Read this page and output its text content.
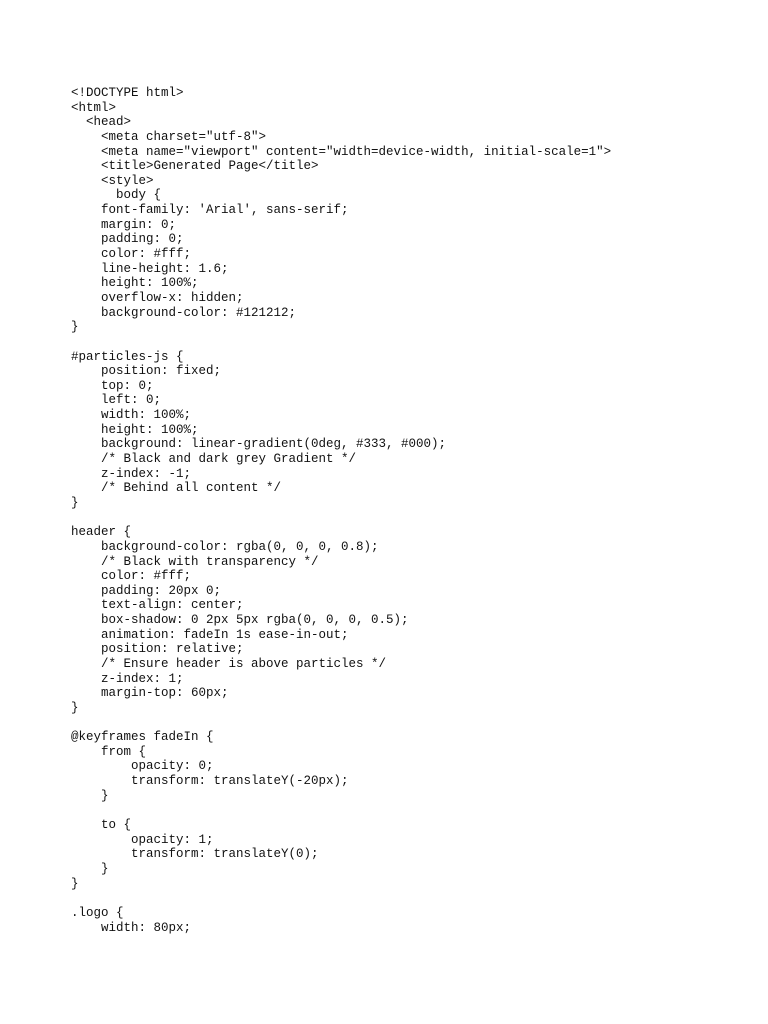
<!DOCTYPE html>
<html>
<head>
<meta charset="utf-8">
<meta name="viewport" content="width=device-width, initial-scale=1">
<title>Generated Page</title>
<style>
body {
font-family: 'Arial', sans-serif;
margin: 0;
padding: 0;
color: #fff;
line-height: 1.6;
height: 100%;
overflow-x: hidden;
background-color: #121212;
}
#particles-js {
position: fixed;
top: 0;
left: 0;
width: 100%;
height: 100%;
background: linear-gradient(0deg, #333, #000);
/* Black and dark grey Gradient */
z-index: -1;
/* Behind all content */
}
header {
background-color: rgba(0, 0, 0, 0.8);
/* Black with transparency */
color: #fff;
padding: 20px 0;
text-align: center;
box-shadow: 0 2px 5px rgba(0, 0, 0, 0.5);
animation: fadeIn 1s ease-in-out;
position: relative;
/* Ensure header is above particles */
z-index: 1;
margin-top: 60px;
}
@keyframes fadeIn {
from {
opacity: 0;
transform: translateY(-20px);
}
to {
opacity: 1;
transform: translateY(0);
}
}
.logo {
width: 80px;
